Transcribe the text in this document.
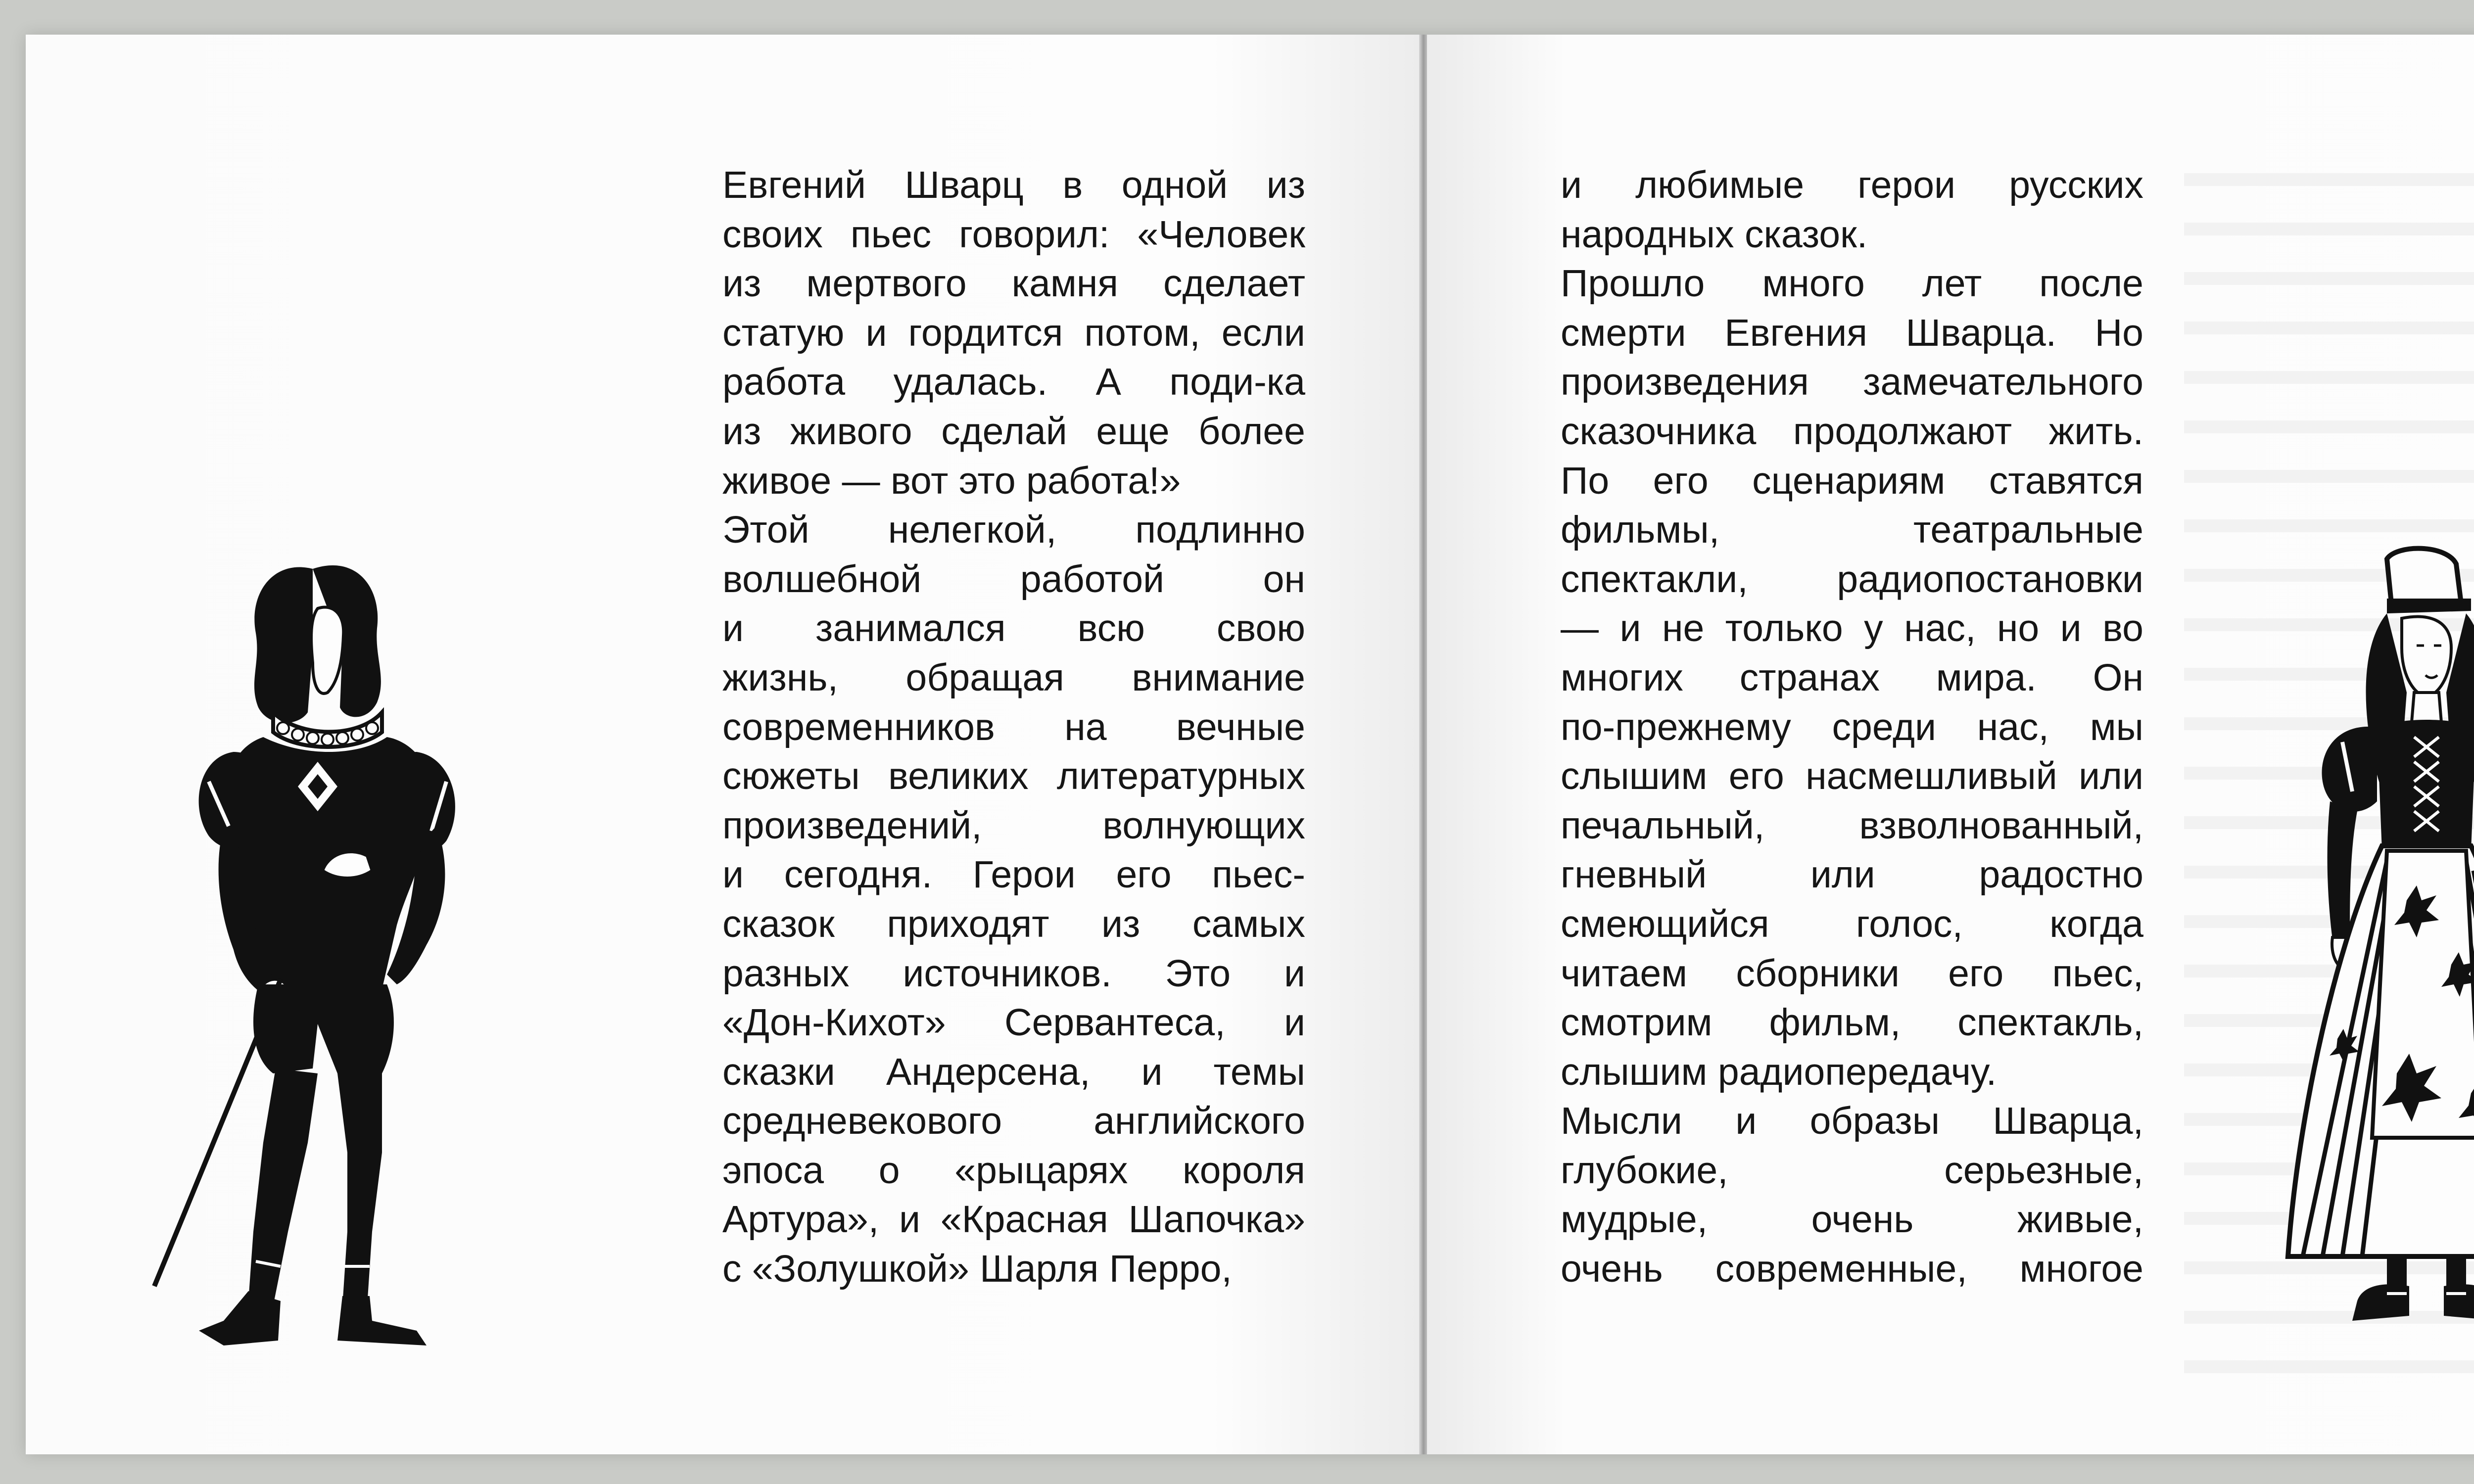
Евгений Шварц в одной из
своих пьес говорил: «Человек
из мертвого камня сделает
статую и гордится потом, если
работа удалась. А поди-ка
из живого сделай еще более
живое — вот это работа!»

Этой нелегкой, подлинно
волшебной работой он
и занимался всю свою
жизнь, обращая внимание
современников на вечные
сюжеты великих литературных
произведений, волнующих
и сегодня. Герои его пьес-
сказок приходят из самых
разных источников. Это и
«Дон-Кихот» Сервантеса, и
сказки Андерсена, и темы
средневекового английского
эпоса о «рыцарях короля
Артура», и «Красная Шапочка»
с «Золушкой» Шарля Перро,

и любимые герои русских
народных сказок.

Прошло много лет после
смерти Евгения Шварца. Но
произведения замечательного
сказочника продолжают жить.
По его сценариям ставятся
фильмы, театральные
спектакли, радиопостановки
— и не только у нас, но и во
многих странах мира. Он
по-прежнему среди нас, мы
слышим его насмешливый или
печальный, взволнованный,
гневный или радостно
смеющийся голос, когда
читаем сборники его пьес,
смотрим фильм, спектакль,
слышим радиопередачу.

Мысли и образы Шварца,
глубокие, серьезные,
мудрые, очень живые,
очень современные, многое
